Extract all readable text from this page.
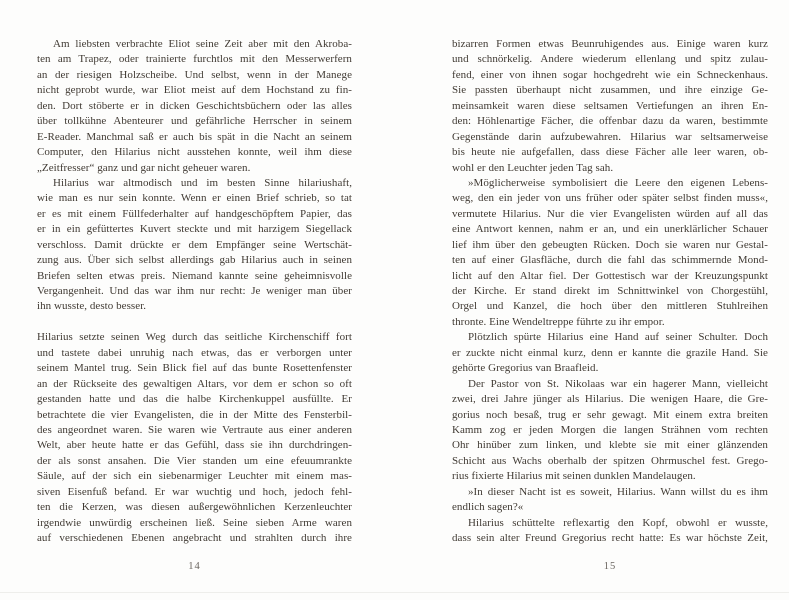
Am liebsten verbrachte Eliot seine Zeit aber mit den Akroba-
ten am Trapez, oder trainierte furchtlos mit den Messerwerfern
an der riesigen Holzscheibe. Und selbst, wenn in der Manege
nicht geprobt wurde, war Eliot meist auf dem Hochstand zu fin-
den. Dort stöberte er in dicken Geschichtsbüchern oder las alles
über tollkühne Abenteurer und gefährliche Herrscher in seinem
E-Reader. Manchmal saß er auch bis spät in die Nacht an seinem
Computer, den Hilarius nicht ausstehen konnte, weil ihm diese
„Zeitfresser“ ganz und gar nicht geheuer waren.
Hilarius war altmodisch und im besten Sinne hilariushaft,
wie man es nur sein konnte. Wenn er einen Brief schrieb, so tat
er es mit einem Füllfederhalter auf handgeschöpftem Papier, das
er in ein gefüttertes Kuvert steckte und mit harzigem Siegellack
verschloss. Damit drückte er dem Empfänger seine Wertschät-
zung aus. Über sich selbst allerdings gab Hilarius auch in seinen
Briefen selten etwas preis. Niemand kannte seine geheimnisvolle
Vergangenheit. Und das war ihm nur recht: Je weniger man über
ihn wusste, desto besser.
Hilarius setzte seinen Weg durch das seitliche Kirchenschiff fort
und tastete dabei unruhig nach etwas, das er verborgen unter
seinem Mantel trug. Sein Blick fiel auf das bunte Rosettenfenster
an der Rückseite des gewaltigen Altars, vor dem er schon so oft
gestanden hatte und das die halbe Kirchenkuppel ausfüllte. Er
betrachtete die vier Evangelisten, die in der Mitte des Fensterbil-
des angeordnet waren. Sie waren wie Vertraute aus einer anderen
Welt, aber heute hatte er das Gefühl, dass sie ihn durchdringen-
der als sonst ansahen. Die Vier standen um eine efeuumrankte
Säule, auf der sich ein siebenarmiger Leuchter mit einem mas-
siven Eisenfuß befand. Er war wuchtig und hoch, jedoch fehl-
ten die Kerzen, was diesen außergewöhnlichen Kerzenleuchter
irgendwie unwürdig erscheinen ließ. Seine sieben Arme waren
auf verschiedenen Ebenen angebracht und strahlten durch ihre
14
bizarren Formen etwas Beunruhigendes aus. Einige waren kurz
und schnörkelig. Andere wiederum ellenlang und spitz zulau-
fend, einer von ihnen sogar hochgedreht wie ein Schneckenhaus.
Sie passten überhaupt nicht zusammen, und ihre einzige Ge-
meinsamkeit waren diese seltsamen Vertiefungen an ihren En-
den: Höhlenartige Fächer, die offenbar dazu da waren, bestimmte
Gegenstände darin aufzubewahren. Hilarius war seltsamerweise
bis heute nie aufgefallen, dass diese Fächer alle leer waren, ob-
wohl er den Leuchter jeden Tag sah.
»Möglicherweise symbolisiert die Leere den eigenen Lebens-
weg, den ein jeder von uns früher oder später selbst finden muss«,
vermutete Hilarius. Nur die vier Evangelisten würden auf all das
eine Antwort kennen, nahm er an, und ein unerklärlicher Schauer
lief ihm über den gebeugten Rücken. Doch sie waren nur Gestal-
ten auf einer Glasfläche, durch die fahl das schimmernde Mond-
licht auf den Altar fiel. Der Gottestisch war der Kreuzungspunkt
der Kirche. Er stand direkt im Schnittwinkel von Chorgestühl,
Orgel und Kanzel, die hoch über den mittleren Stuhlreihen
thronte. Eine Wendeltreppe führte zu ihr empor.
Plötzlich spürte Hilarius eine Hand auf seiner Schulter. Doch
er zuckte nicht einmal kurz, denn er kannte die grazile Hand. Sie
gehörte Gregorius van Braafleid.
Der Pastor von St. Nikolaas war ein hagerer Mann, vielleicht
zwei, drei Jahre jünger als Hilarius. Die wenigen Haare, die Gre-
gorius noch besaß, trug er sehr gewagt. Mit einem extra breiten
Kamm zog er jeden Morgen die langen Strähnen vom rechten
Ohr hinüber zum linken, und klebte sie mit einer glänzenden
Schicht aus Wachs oberhalb der spitzen Ohrmuschel fest. Grego-
rius fixierte Hilarius mit seinen dunklen Mandelaugen.
»In dieser Nacht ist es soweit, Hilarius. Wann willst du es ihm
endlich sagen?«
Hilarius schüttelte reflexartig den Kopf, obwohl er wusste,
dass sein alter Freund Gregorius recht hatte: Es war höchste Zeit,
15
